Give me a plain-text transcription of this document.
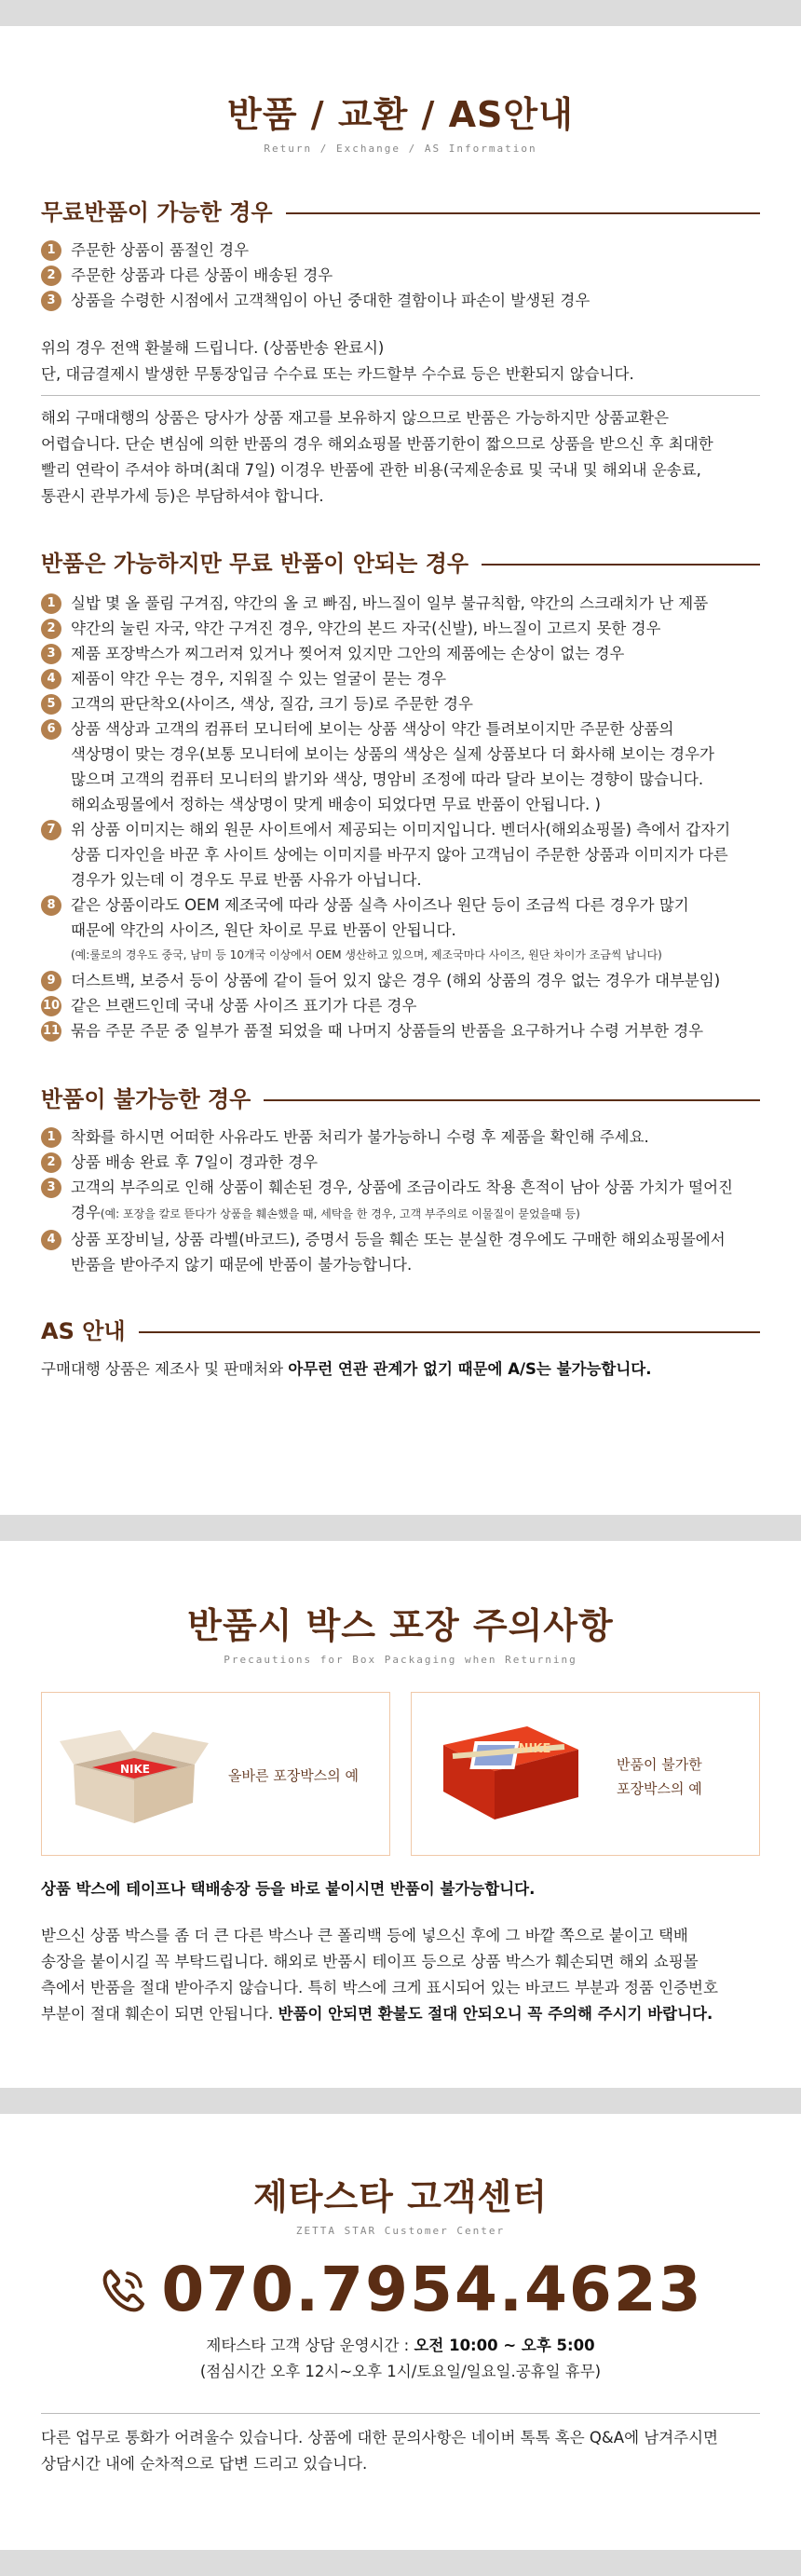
반품 / 교환 / AS안내
Return / Exchange / AS Information
무료반품이 가능한 경우
1 주문한 상품이 품절인 경우
2 주문한 상품과 다른 상품이 배송된 경우
3 상품을 수령한 시점에서 고객책임이 아닌 중대한 결함이나 파손이 발생된 경우

위의 경우 전액 환불해 드립니다. (상품반송 완료시)

단, 대금결제시 발생한 무통장입금 수수료 또는 카드할부 수수료 등은 반환되지 않습니다.

해외 구매대행의 상품은 당사가 상품 재고를 보유하지 않으므로 반품은 가능하지만 상품교환은

어렵습니다. 단순 변심에 의한 반품의 경우 해외쇼핑몰 반품기한이 짧으므로 상품을 받으신 후 최대한

빨리 연락이 주셔야 하며(최대 7일) 이경우 반품에 관한 비용(국제운송료 및 국내 및 해외내 운송료,

통관시 관부가세 등)은 부담하셔야 합니다.

반품은 가능하지만 무료 반품이 안되는 경우
1 실밥 몇 올 풀림 구겨짐, 약간의 올 코 빠짐, 바느질이 일부 불규칙함, 약간의 스크래치가 난 제품
2 약간의 눌린 자국, 약간 구겨진 경우, 약간의 본드 자국(신발), 바느질이 고르지 못한 경우
3 제품 포장박스가 찌그러져 있거나 찢어져 있지만 그안의 제품에는 손상이 없는 경우
4 제품이 약간 우는 경우, 지워질 수 있는 얼굴이 묻는 경우
5 고객의 판단착오(사이즈, 색상, 질감, 크기 등)로 주문한 경우
6 상품 색상과 고객의 컴퓨터 모니터에 보이는 상품 색상이 약간 틀려보이지만 주문한 상품의
색상명이 맞는 경우(보통 모니터에 보이는 상품의 색상은 실제 상품보다 더 화사해 보이는 경우가
많으며 고객의 컴퓨터 모니터의 밝기와 색상, 명암비 조정에 따라 달라 보이는 경향이 많습니다.
해외쇼핑몰에서 정하는 색상명이 맞게 배송이 되었다면 무료 반품이 안됩니다. )
7 위 상품 이미지는 해외 원문 사이트에서 제공되는 이미지입니다. 벤더사(해외쇼핑몰) 측에서 갑자기
상품 디자인을 바꾼 후 사이트 상에는 이미지를 바꾸지 않아 고객님이 주문한 상품과 이미지가 다른
경우가 있는데 이 경우도 무료 반품 사유가 아닙니다.
8 같은 상품이라도 OEM 제조국에 따라 상품 실측 사이즈나 원단 등이 조금씩 다른 경우가 많기
때문에 약간의 사이즈, 원단 차이로 무료 반품이 안됩니다.
(예:룰로의 경우도 중국, 남미 등 10개국 이상에서 OEM 생산하고 있으며, 제조국마다 사이즈, 원단 차이가 조금씩 납니다)
9 더스트백, 보증서 등이 상품에 같이 들어 있지 않은 경우 (해외 상품의 경우 없는 경우가 대부분임)
10 같은 브랜드인데 국내 상품 사이즈 표기가 다른 경우
11 묶음 주문 주문 중 일부가 품절 되었을 때 나머지 상품들의 반품을 요구하거나 수령 거부한 경우
반품이 불가능한 경우
1 착화를 하시면 어떠한 사유라도 반품 처리가 불가능하니 수령 후 제품을 확인해 주세요.
2 상품 배송 완료 후 7일이 경과한 경우
3 고객의 부주의로 인해 상품이 훼손된 경우, 상품에 조금이라도 착용 흔적이 남아 상품 가치가 떨어진
경우(예: 포장을 칼로 뜯다가 상품을 훼손했을 때, 세탁을 한 경우, 고객 부주의로 이물질이 묻었을때 등)
4 상품 포장비닐, 상품 라벨(바코드), 증명서 등을 훼손 또는 분실한 경우에도 구매한 해외쇼핑몰에서
반품을 받아주지 않기 때문에 반품이 불가능합니다.
AS 안내

구매대행 상품은 제조사 및 판매처와 아무런 연관 관계가 없기 때문에 A/S는 불가능합니다.

반품시 박스 포장 주의사항
Precautions for Box Packaging when Returning
NIKE	올바른 포장박스의 예
NIKE
반품이 불가한
포장박스의 예

상품 박스에 테이프나 택배송장 등을 바로 붙이시면 반품이 불가능합니다.

받으신 상품 박스를 좀 더 큰 다른 박스나 큰 폴리백 등에 넣으신 후에 그 바깥 쪽으로 붙이고 택배

송장을 붙이시길 꼭 부탁드립니다. 해외로 반품시 테이프 등으로 상품 박스가 훼손되면 해외 쇼핑몰

측에서 반품을 절대 받아주지 않습니다. 특히 박스에 크게 표시되어 있는 바코드 부분과 정품 인증번호

부분이 절대 훼손이 되면 안됩니다. 반품이 안되면 환불도 절대 안되오니 꼭 주의해 주시기 바랍니다.

제타스타 고객센터
ZETTA STAR Customer Center
070.7954.4623
제타스타 고객 상담 운영시간 : 오전 10:00 ~ 오후 5:00
(점심시간 오후 12시~오후 1시/토요일/일요일.공휴일 휴무)

다른 업무로 통화가 어려울수 있습니다. 상품에 대한 문의사항은 네이버 톡톡 혹은 Q&A에 남겨주시면

상담시간 내에 순차적으로 답변 드리고 있습니다.
